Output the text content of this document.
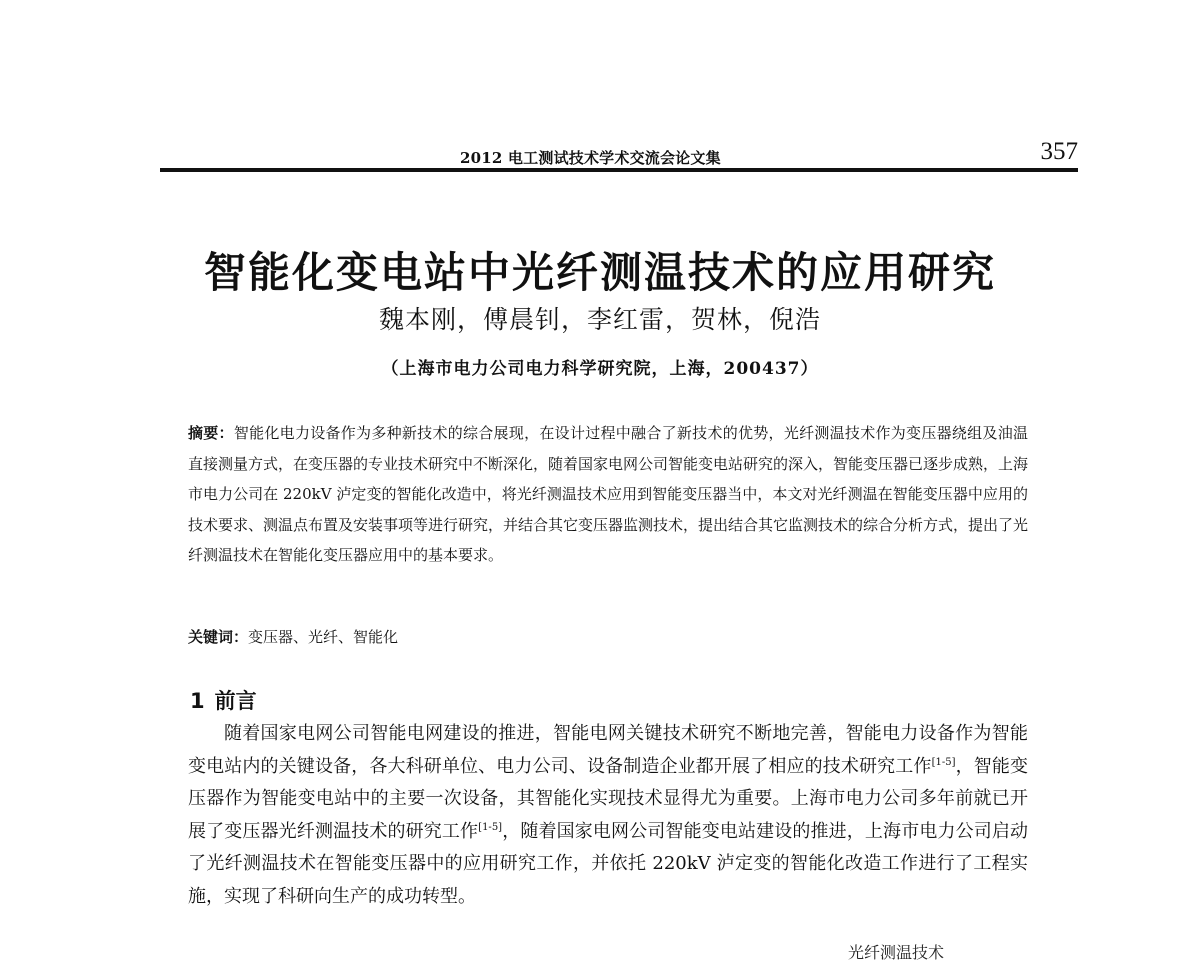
2012 电工测试技术学术交流会论文集	357
智能化变电站中光纤测温技术的应用研究
魏本刚，傅晨钊，李红雷，贺林，倪浩
（上海市电力公司电力科学研究院，上海，200437）

摘要：智能化电力设备作为多种新技术的综合展现，在设计过程中融合了新技术的优势，光纤测温技术作为变压器绕组及油温直接测量方式，在变压器的专业技术研究中不断深化，随着国家电网公司智能变电站研究的深入，智能变压器已逐步成熟，上海市电力公司在 220kV 泸定变的智能化改造中，将光纤测温技术应用到智能变压器当中，本文对光纤测温在智能变压器中应用的技术要求、测温点布置及安装事项等进行研究，并结合其它变压器监测技术，提出结合其它监测技术的综合分析方式，提出了光纤测温技术在智能化变压器应用中的基本要求。

关键词：变压器、光纤、智能化

1 前言

随着国家电网公司智能电网建设的推进，智能电网关键技术研究不断地完善，智能电力设备作为智能变电站内的关键设备，各大科研单位、电力公司、设备制造企业都开展了相应的技术研究工作[1-5]，智能变压器作为智能变电站中的主要一次设备，其智能化实现技术显得尤为重要。上海市电力公司多年前就已开展了变压器光纤测温技术的研究工作[1-5]，随着国家电网公司智能变电站建设的推进，上海市电力公司启动了光纤测温技术在智能变压器中的应用研究工作，并依托 220kV 泸定变的智能化改造工作进行了工程实施，实现了科研向生产的成功转型。

光纤测温技术
